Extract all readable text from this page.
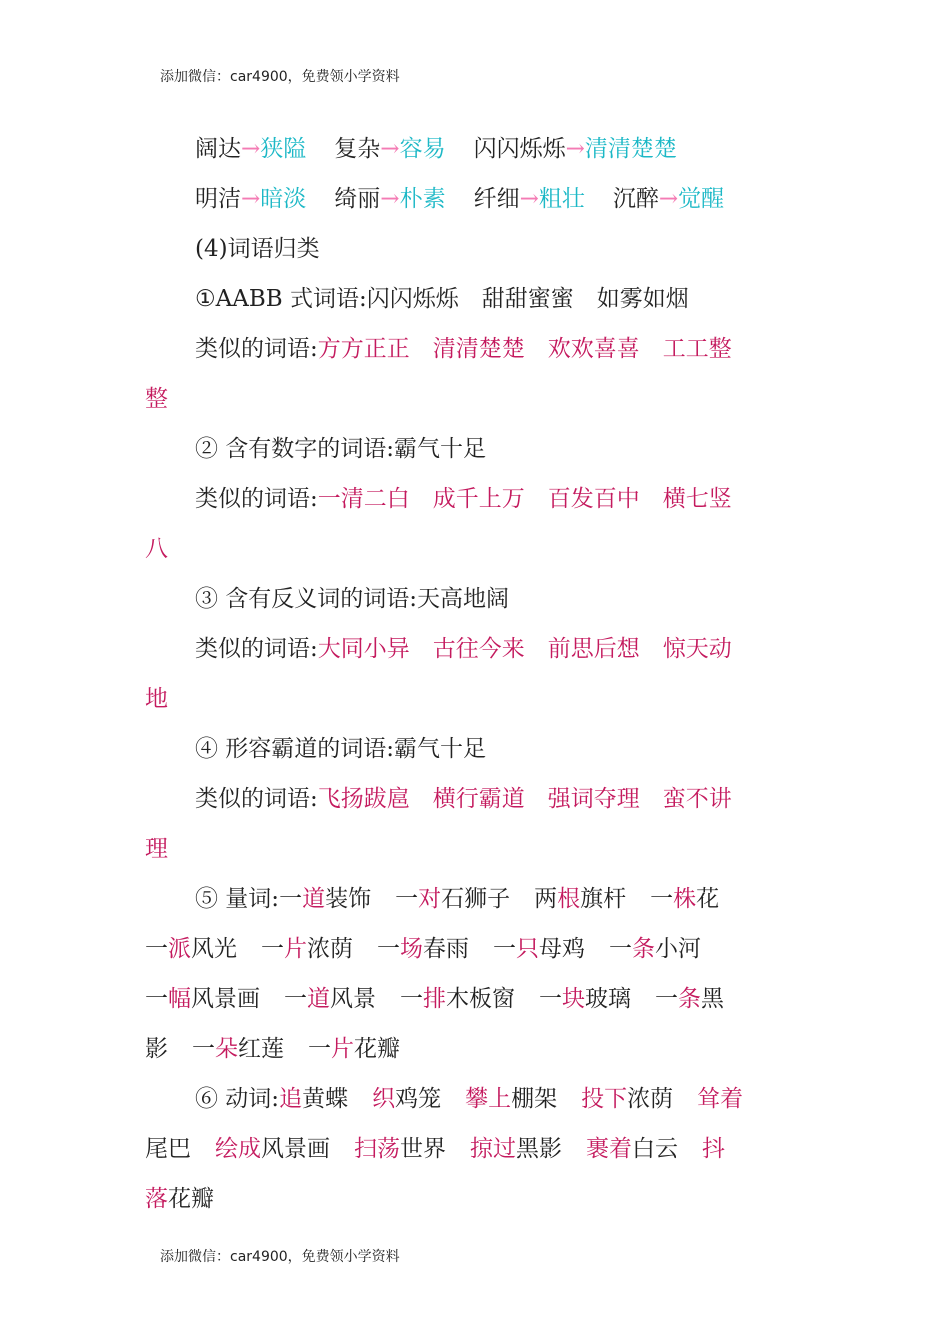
添加微信：car4900，免费领小学资料
阔达→狭隘 复杂→容易 闪闪烁烁→清清楚楚
明洁→暗淡 绮丽→朴素 纤细→粗壮 沉醉→觉醒
(4)词语归类
①AABB 式词语:闪闪烁烁　甜甜蜜蜜　如雾如烟
类似的词语:方方正正　清清楚楚　欢欢喜喜　工工整
整
② 含有数字的词语:霸气十足
类似的词语:一清二白　成千上万　百发百中　横七竖
八
③ 含有反义词的词语:天高地阔
类似的词语:大同小异　古往今来　前思后想　惊天动
地
④ 形容霸道的词语:霸气十足
类似的词语:飞扬跋扈　横行霸道　强词夺理　蛮不讲
理
⑤ 量词:一道装饰 一对石狮子 两根旗杆 一株花
一派风光 一片浓荫 一场春雨 一只母鸡 一条小河
一幅风景画 一道风景 一排木板窗 一块玻璃 一条黑
影 一朵红莲 一片花瓣
⑥ 动词:追黄蝶 织鸡笼 攀上棚架 投下浓荫 耸着
尾巴 绘成风景画 扫荡世界 掠过黑影 裹着白云 抖
落花瓣
添加微信：car4900，免费领小学资料
